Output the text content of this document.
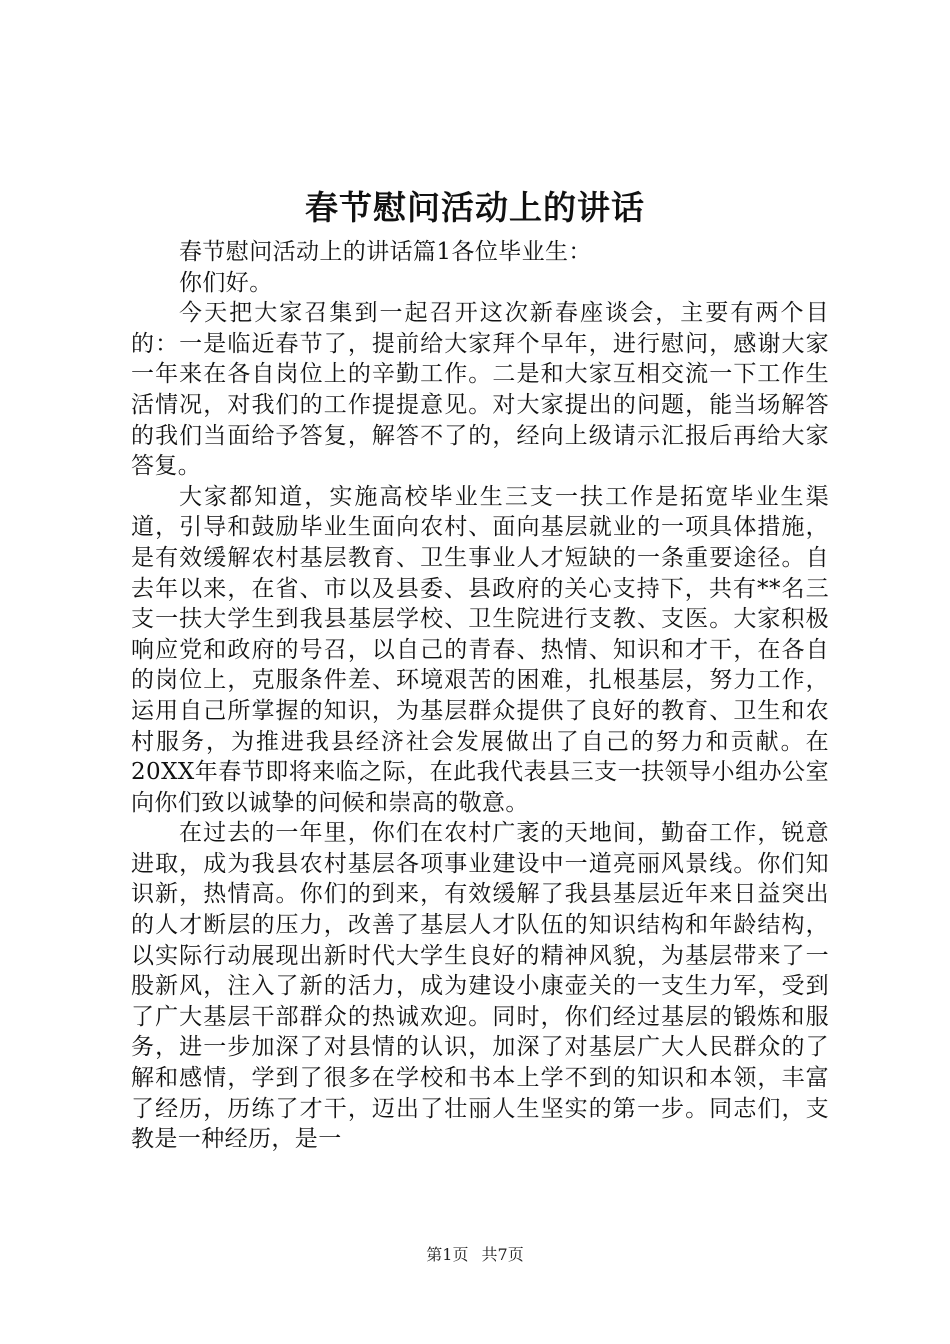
春节慰问活动上的讲话

春节慰问活动上的讲话篇1各位毕业生：

你们好。

今天把大家召集到一起召开这次新春座谈会，主要有两个目的：一是临近春节了，提前给大家拜个早年，进行慰问，感谢大家一年来在各自岗位上的辛勤工作。二是和大家互相交流一下工作生活情况，对我们的工作提提意见。对大家提出的问题，能当场解答的我们当面给予答复，解答不了的，经向上级请示汇报后再给大家答复。

大家都知道，实施高校毕业生三支一扶工作是拓宽毕业生渠道，引导和鼓励毕业生面向农村、面向基层就业的一项具体措施，是有效缓解农村基层教育、卫生事业人才短缺的一条重要途径。自去年以来，在省、市以及县委、县政府的关心支持下，共有**名三支一扶大学生到我县基层学校、卫生院进行支教、支医。大家积极响应党和政府的号召，以自己的青春、热情、知识和才干，在各自的岗位上，克服条件差、环境艰苦的困难，扎根基层，努力工作，运用自己所掌握的知识，为基层群众提供了良好的教育、卫生和农村服务，为推进我县经济社会发展做出了自己的努力和贡献。在20XX年春节即将来临之际，在此我代表县三支一扶领导小组办公室向你们致以诚挚的问候和崇高的敬意。

在过去的一年里，你们在农村广袤的天地间，勤奋工作，锐意进取，成为我县农村基层各项事业建设中一道亮丽风景线。你们知识新，热情高。你们的到来，有效缓解了我县基层近年来日益突出的人才断层的压力，改善了基层人才队伍的知识结构和年龄结构，以实际行动展现出新时代大学生良好的精神风貌，为基层带来了一股新风，注入了新的活力，成为建设小康壶关的一支生力军，受到了广大基层干部群众的热诚欢迎。同时，你们经过基层的锻炼和服务，进一步加深了对县情的认识，加深了对基层广大人民群众的了解和感情，学到了很多在学校和书本上学不到的知识和本领，丰富了经历，历练了才干，迈出了壮丽人生坚实的第一步。同志们，支教是一种经历，是一

第1页 共7页
